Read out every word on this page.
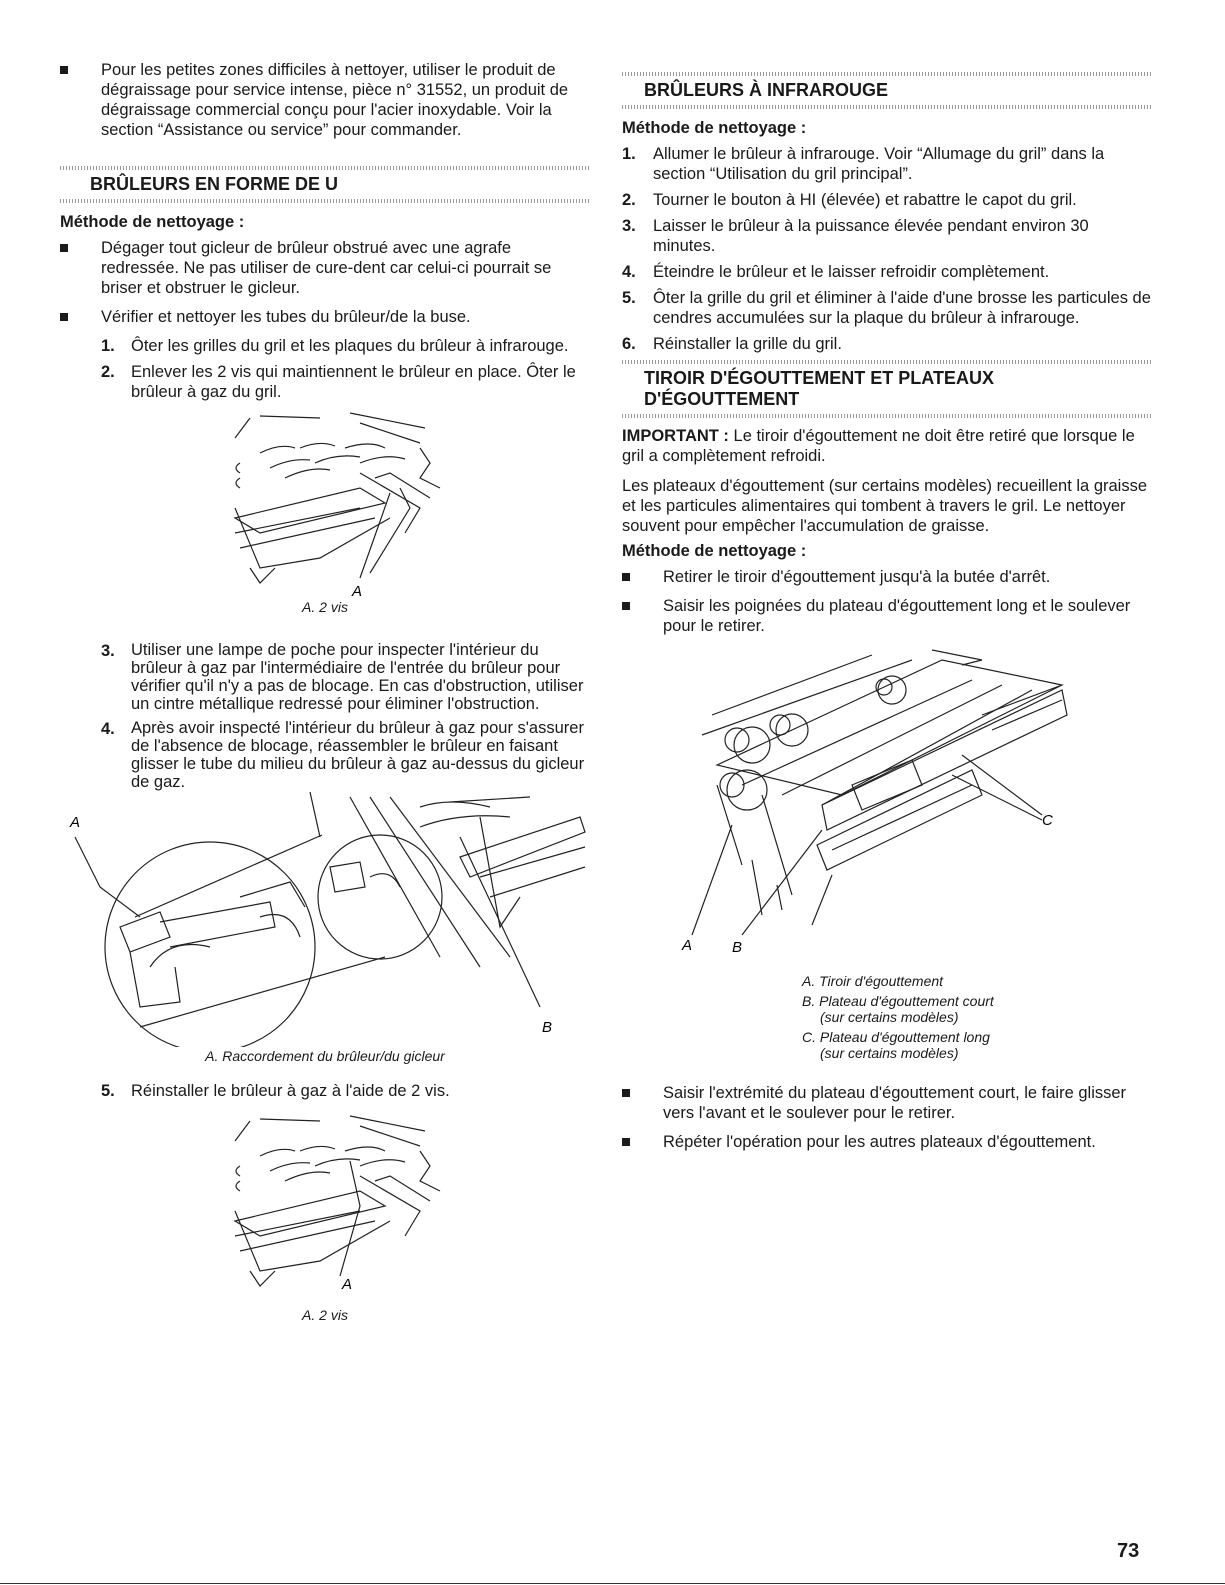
Pour les petites zones difficiles à nettoyer, utiliser le produit de dégraissage pour service intense, pièce n° 31552, un produit de dégraissage commercial conçu pour l'acier inoxydable. Voir la section “Assistance ou service” pour commander.

BRÛLEURS EN FORME DE U

Méthode de nettoyage :

Dégager tout gicleur de brûleur obstrué avec une agrafe redressée. Ne pas utiliser de cure-dent car celui-ci pourrait se briser et obstruer le gicleur.

Vérifier et nettoyer les tubes du brûleur/de la buse.

1. Ôter les grilles du gril et les plaques du brûleur à infrarouge.

2. Enlever les 2 vis qui maintiennent le brûleur en place. Ôter le brûleur à gaz du gril.

A

A. 2 vis

3. Utiliser une lampe de poche pour inspecter l'intérieur du brûleur à gaz par l'intermédiaire de l'entrée du brûleur pour vérifier qu'il n'y a pas de blocage. En cas d'obstruction, utiliser un cintre métallique redressé pour éliminer l'obstruction.

4. Après avoir inspecté l'intérieur du brûleur à gaz pour s'assurer de l'absence de blocage, réassembler le brûleur en faisant glisser le tube du milieu du brûleur à gaz au-dessus du gicleur de gaz.

A
B

A. Raccordement du brûleur/du gicleur

5. Réinstaller le brûleur à gaz à l'aide de 2 vis.

A

A. 2 vis

BRÛLEURS À INFRAROUGE

Méthode de nettoyage :

1. Allumer le brûleur à infrarouge. Voir “Allumage du gril” dans la section “Utilisation du gril principal”.

2. Tourner le bouton à HI (élevée) et rabattre le capot du gril.

3. Laisser le brûleur à la puissance élevée pendant environ 30 minutes.

4. Éteindre le brûleur et le laisser refroidir complètement.

5. Ôter la grille du gril et éliminer à l'aide d'une brosse les particules de cendres accumulées sur la plaque du brûleur à infrarouge.

6. Réinstaller la grille du gril.

TIROIR D'ÉGOUTTEMENT ET PLATEAUX
D'ÉGOUTTEMENT

IMPORTANT : Le tiroir d'égouttement ne doit être retiré que lorsque le gril a complètement refroidi.

Les plateaux d'égouttement (sur certains modèles) recueillent la graisse et les particules alimentaires qui tombent à travers le gril. Le nettoyer souvent pour empêcher l'accumulation de graisse.

Méthode de nettoyage :

Retirer le tiroir d'égouttement jusqu'à la butée d'arrêt.

Saisir les poignées du plateau d'égouttement long et le soulever pour le retirer.

A	B
C

A. Tiroir d'égouttement

B. Plateau d'égouttement court

(sur certains modèles)

C. Plateau d'égouttement long

(sur certains modèles)

Saisir l'extrémité du plateau d'égouttement court, le faire glisser vers l'avant et le soulever pour le retirer.

Répéter l'opération pour les autres plateaux d'égouttement.

73
